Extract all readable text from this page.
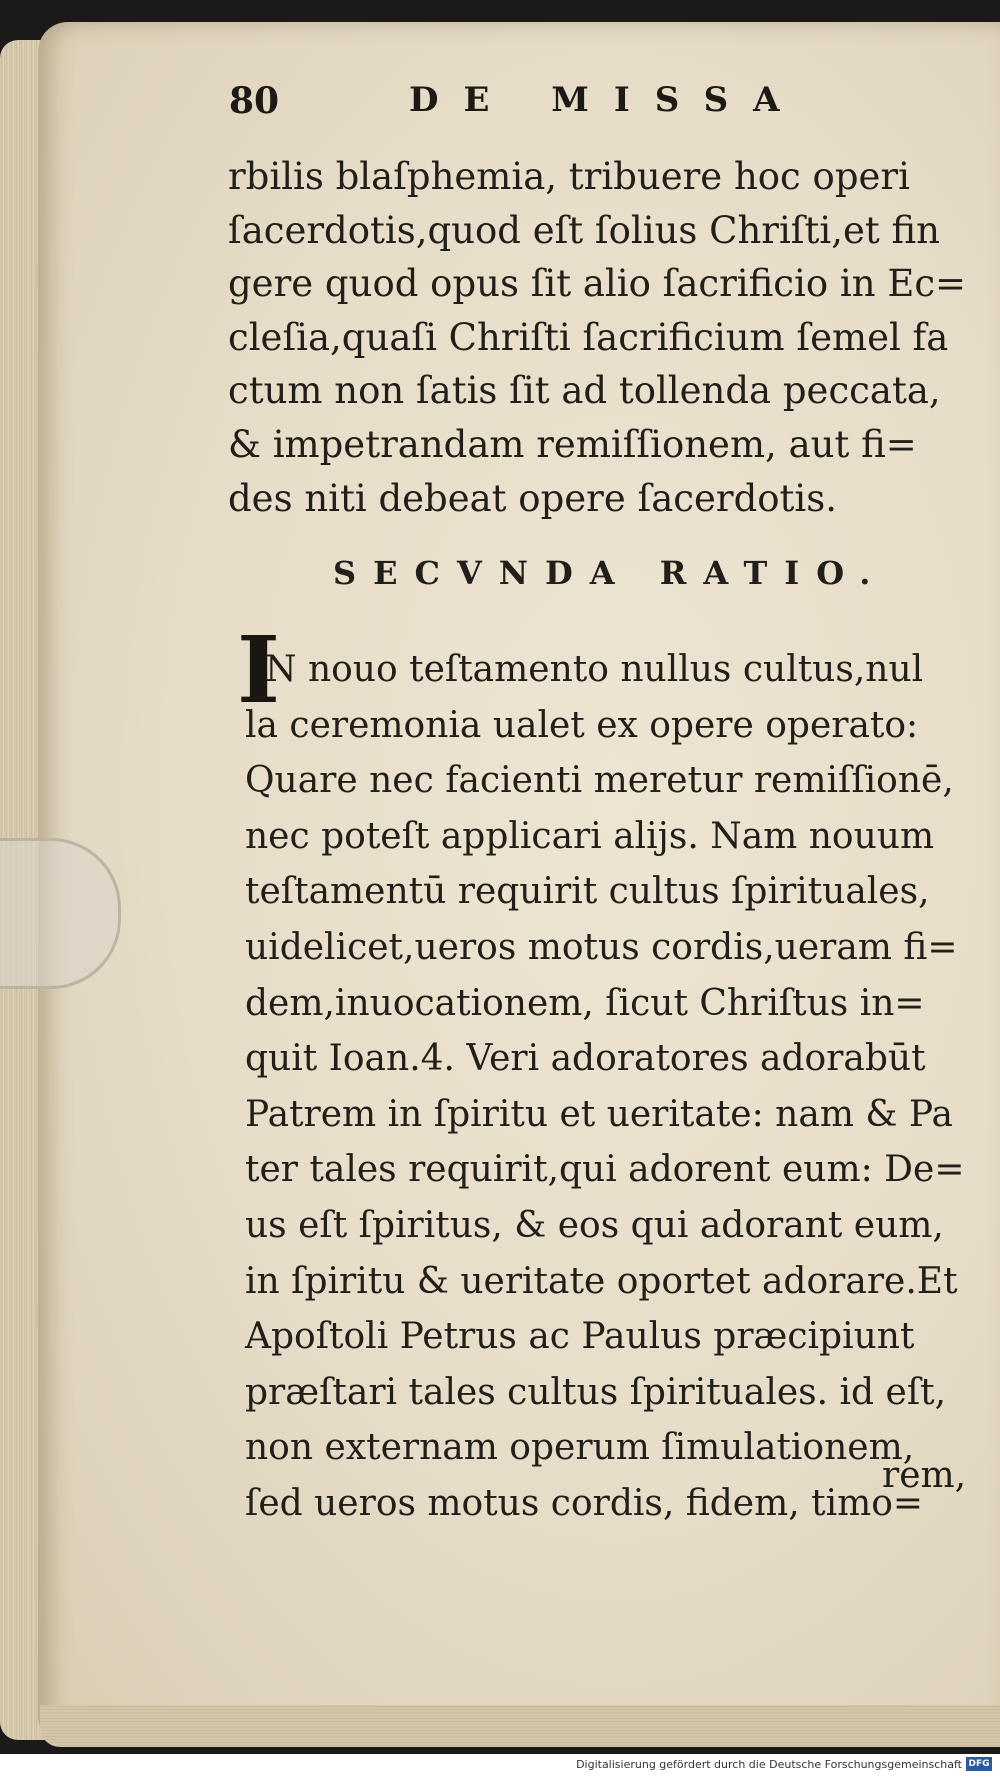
80	DE MISSA
rbilis blaſphemia, tribuere hoc operi
ſacerdotis,quod eſt ſolius Chriſti,et fin
gere quod opus ſit alio ſacrificio in Ec=
cleſia,quaſi Chriſti ſacrificium ſemel fa
ctum non ſatis ſit ad tollenda peccata,
& impetrandam remiſſionem, aut fi=
des niti debeat opere ſacerdotis.
SECVNDA RATIO.
I
N nouo teſtamento nullus cultus,nul
la ceremonia ualet ex opere operato:
Quare nec facienti meretur remiſſionē,
nec poteſt applicari aliјs. Nam nouum
teſtamentū requirit cultus ſpirituales,
uidelicet,ueros motus cordis,ueram fi=
dem,inuocationem, ſicut Chriſtus in=
quit Ioan.4. Veri adoratores adorabūt
Patrem in ſpiritu et ueritate: nam & Pa
ter tales requirit,qui adorent eum: De=
us eſt ſpiritus, & eos qui adorant eum,
in ſpiritu & ueritate oportet adorare.Et
Apoſtoli Petrus ac Paulus præcipiunt
præſtari tales cultus ſpirituales. id eſt,
non externam operum ſimulationem,
ſed ueros motus cordis, fidem, timo=
rem,
Digitalisierung gefördert durch die Deutsche Forschungsgemeinschaft DFG
